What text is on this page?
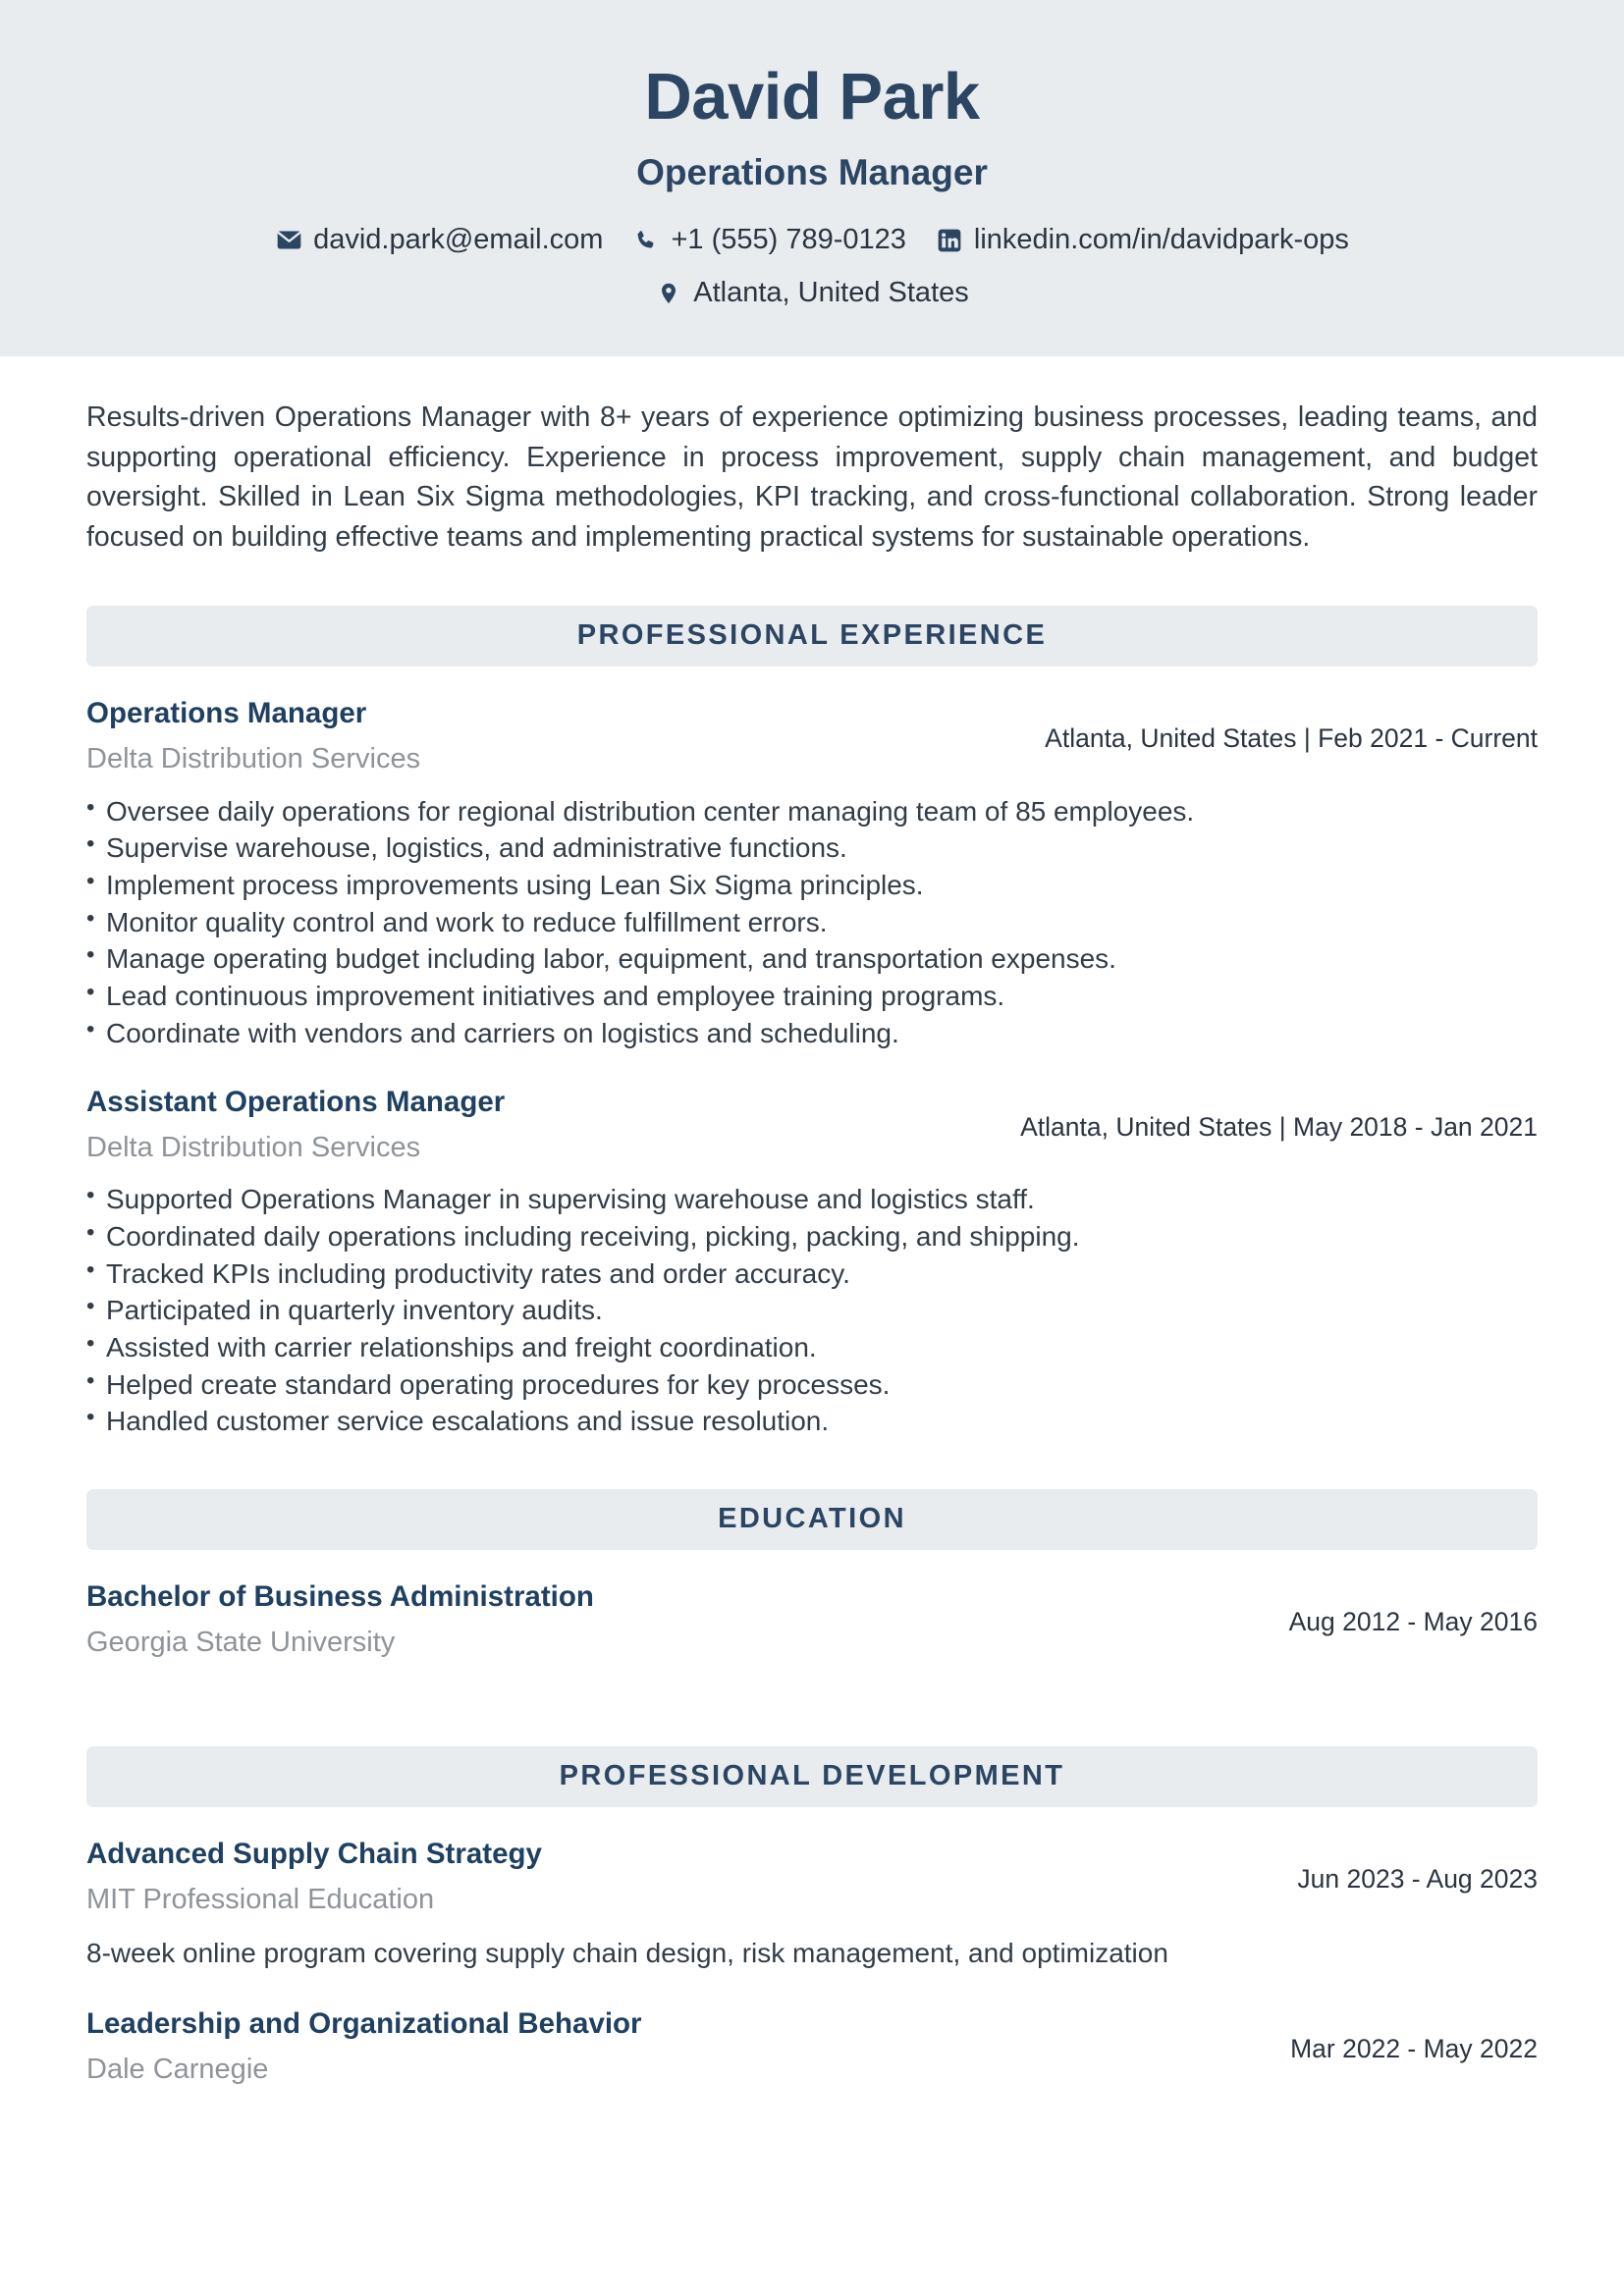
David Park
Operations Manager
david.park@email.com +1 (555) 789-0123 linkedin.com/in/davidpark-ops
Atlanta, United States

Results-driven Operations Manager with 8+ years of experience optimizing business processes, leading teams, and supporting operational efficiency. Experience in process improvement, supply chain management, and budget oversight. Skilled in Lean Six Sigma methodologies, KPI tracking, and cross-functional collaboration. Strong leader focused on building effective teams and implementing practical systems for sustainable operations.

PROFESSIONAL EXPERIENCE
Operations Manager
Delta Distribution Services
Atlanta, United States | Feb 2021 - Current
• Oversee daily operations for regional distribution center managing team of 85 employees.
• Supervise warehouse, logistics, and administrative functions.
• Implement process improvements using Lean Six Sigma principles.
• Monitor quality control and work to reduce fulfillment errors.
• Manage operating budget including labor, equipment, and transportation expenses.
• Lead continuous improvement initiatives and employee training programs.
• Coordinate with vendors and carriers on logistics and scheduling.
Assistant Operations Manager
Delta Distribution Services
Atlanta, United States | May 2018 - Jan 2021
• Supported Operations Manager in supervising warehouse and logistics staff.
• Coordinated daily operations including receiving, picking, packing, and shipping.
• Tracked KPIs including productivity rates and order accuracy.
• Participated in quarterly inventory audits.
• Assisted with carrier relationships and freight coordination.
• Helped create standard operating procedures for key processes.
• Handled customer service escalations and issue resolution.
EDUCATION
Bachelor of Business Administration
Georgia State University
Aug 2012 - May 2016
PROFESSIONAL DEVELOPMENT
Advanced Supply Chain Strategy
MIT Professional Education
Jun 2023 - Aug 2023
8-week online program covering supply chain design, risk management, and optimization
Leadership and Organizational Behavior
Dale Carnegie
Mar 2022 - May 2022
